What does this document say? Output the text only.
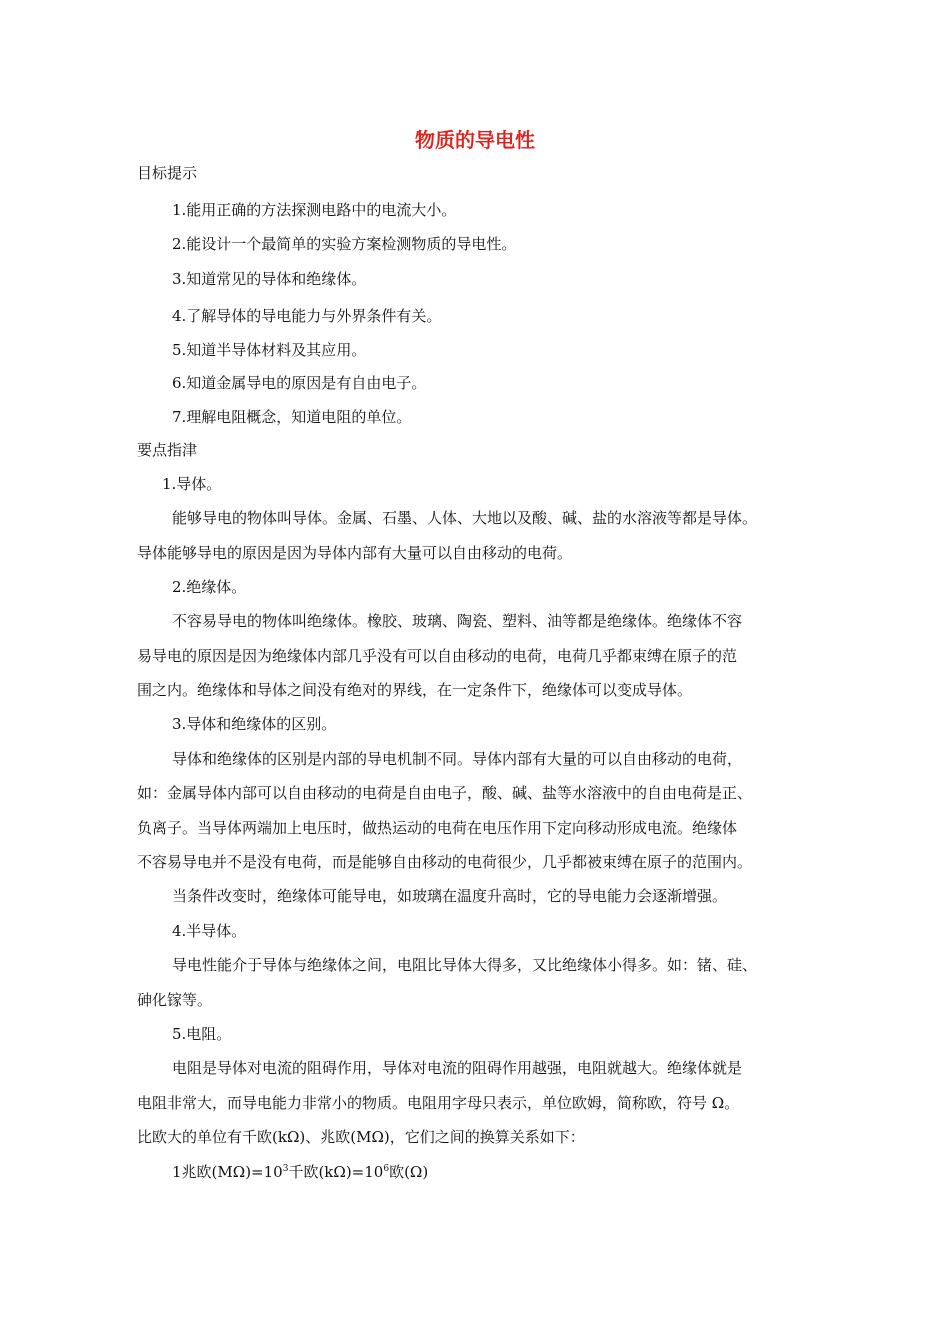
物质的导电性
目标提示
1.能用正确的方法探测电路中的电流大小。
2.能设计一个最简单的实验方案检测物质的导电性。
3.知道常见的导体和绝缘体。
4.了解导体的导电能力与外界条件有关。
5.知道半导体材料及其应用。
6.知道金属导电的原因是有自由电子。
7.理解电阻概念，知道电阻的单位。
要点指津
1.导体。
能够导电的物体叫导体。金属、石墨、人体、大地以及酸、碱、盐的水溶液等都是导体。
导体能够导电的原因是因为导体内部有大量可以自由移动的电荷。
2.绝缘体。
不容易导电的物体叫绝缘体。橡胶、玻璃、陶瓷、塑料、油等都是绝缘体。绝缘体不容
易导电的原因是因为绝缘体内部几乎没有可以自由移动的电荷，电荷几乎都束缚在原子的范
围之内。绝缘体和导体之间没有绝对的界线，在一定条件下，绝缘体可以变成导体。
3.导体和绝缘体的区别。
导体和绝缘体的区别是内部的导电机制不同。导体内部有大量的可以自由移动的电荷，
如：金属导体内部可以自由移动的电荷是自由电子，酸、碱、盐等水溶液中的自由电荷是正、
负离子。当导体两端加上电压时，做热运动的电荷在电压作用下定向移动形成电流。绝缘体
不容易导电并不是没有电荷，而是能够自由移动的电荷很少，几乎都被束缚在原子的范围内。
当条件改变时，绝缘体可能导电，如玻璃在温度升高时，它的导电能力会逐渐增强。
4.半导体。
导电性能介于导体与绝缘体之间，电阻比导体大得多，又比绝缘体小得多。如：锗、硅、
砷化镓等。
5.电阻。
电阻是导体对电流的阻碍作用，导体对电流的阻碍作用越强，电阻就越大。绝缘体就是
电阻非常大，而导电能力非常小的物质。电阻用字母只表示，单位欧姆，简称欧，符号 Ω。
比欧大的单位有千欧(kΩ)、兆欧(MΩ)，它们之间的换算关系如下：
1兆欧$(M\Omega)=10^3$千欧$(k\Omega)=10^6$欧(Ω)
